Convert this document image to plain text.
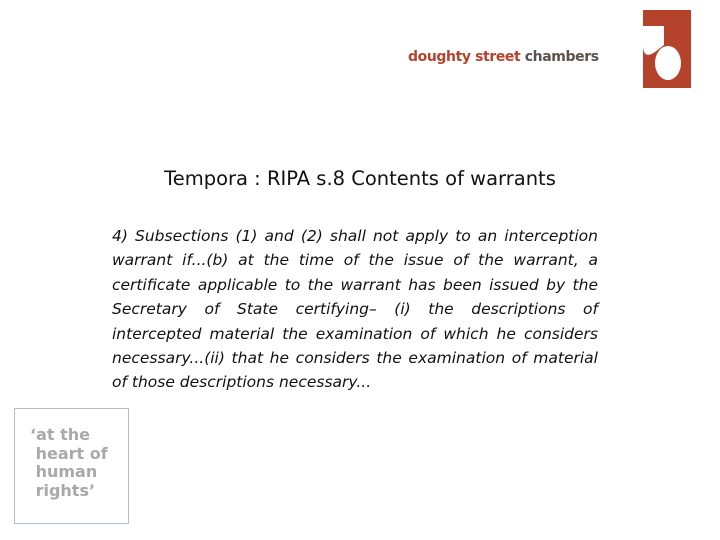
doughty street chambers
Tempora : RIPA s.8 Contents of warrants
4) Subsections (1) and (2) shall not apply to an interception warrant if...(b) at the time of the issue of the warrant, a certificate applicable to the warrant has been issued by the Secretary of State certifying– (i) the descriptions of intercepted material the examination of which he considers necessary...(ii) that he considers the examination of material of those descriptions necessary...

‘at the
heart of
human
rights’
